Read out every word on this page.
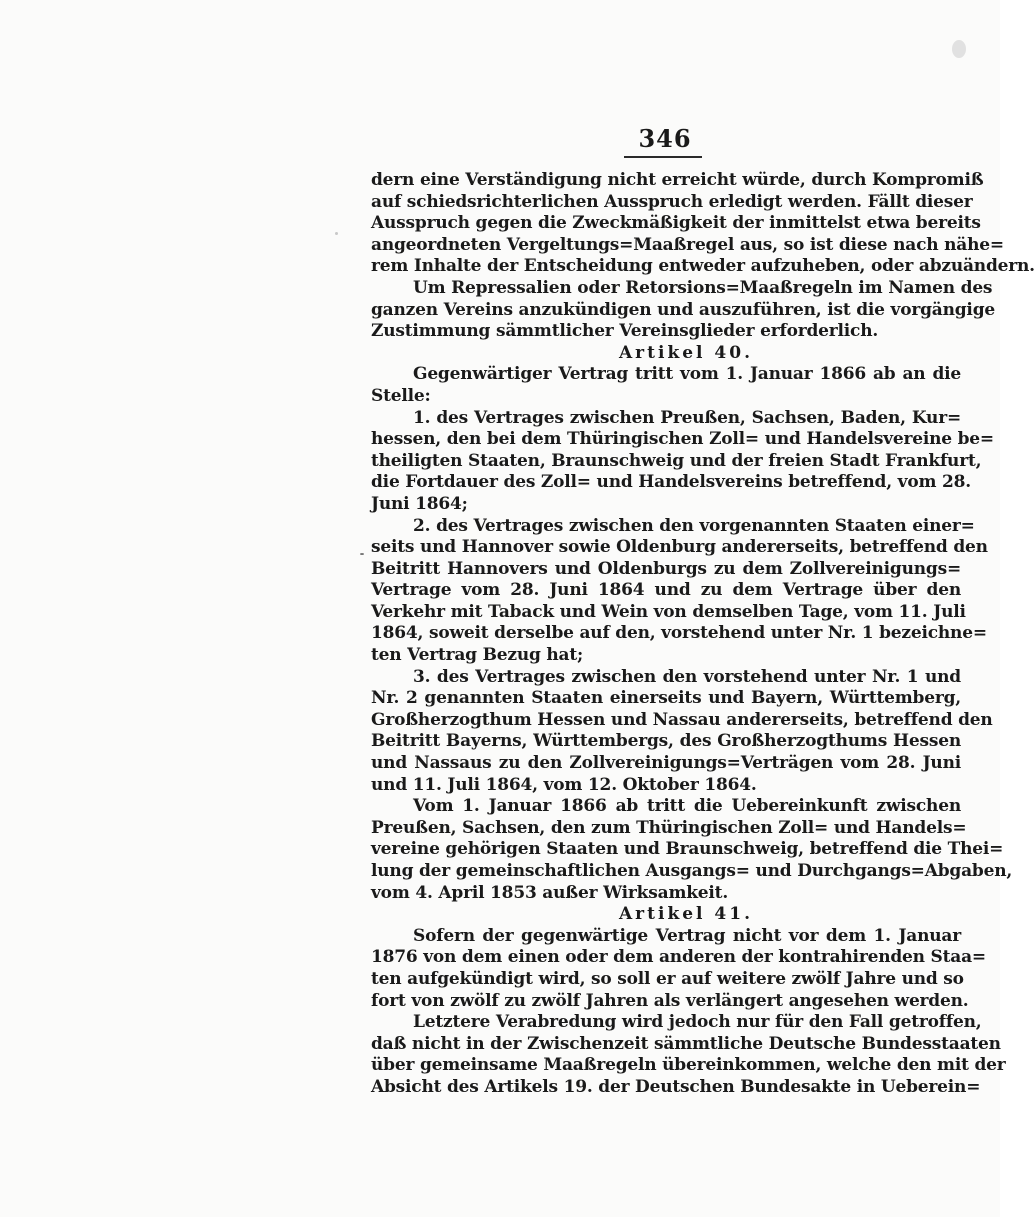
346
dern eine Verständigung nicht erreicht würde, durch Kompromiß
auf schiedsrichterlichen Ausspruch erledigt werden. Fällt dieser
Ausspruch gegen die Zweckmäßigkeit der inmittelst etwa bereits
angeordneten Vergeltungs=Maaßregel aus, so ist diese nach nähe=
rem Inhalte der Entscheidung entweder aufzuheben, oder abzuändern.
Um Repressalien oder Retorsions=Maaßregeln im Namen des
ganzen Vereins anzukündigen und auszuführen, ist die vorgängige
Zustimmung sämmtlicher Vereinsglieder erforderlich.
Artikel 40.
Gegenwärtiger Vertrag tritt vom 1. Januar 1866 ab an die
Stelle:
1. des Vertrages zwischen Preußen, Sachsen, Baden, Kur=
hessen, den bei dem Thüringischen Zoll= und Handelsvereine be=
theiligten Staaten, Braunschweig und der freien Stadt Frankfurt,
die Fortdauer des Zoll= und Handelsvereins betreffend, vom 28.
Juni 1864;
2. des Vertrages zwischen den vorgenannten Staaten einer=
seits und Hannover sowie Oldenburg andererseits, betreffend den
Beitritt Hannovers und Oldenburgs zu dem Zollvereinigungs=
Vertrage vom 28. Juni 1864 und zu dem Vertrage über den
Verkehr mit Taback und Wein von demselben Tage, vom 11. Juli
1864, soweit derselbe auf den, vorstehend unter Nr. 1 bezeichne=
ten Vertrag Bezug hat;
3. des Vertrages zwischen den vorstehend unter Nr. 1 und
Nr. 2 genannten Staaten einerseits und Bayern, Württemberg,
Großherzogthum Hessen und Nassau andererseits, betreffend den
Beitritt Bayerns, Württembergs, des Großherzogthums Hessen
und Nassaus zu den Zollvereinigungs=Verträgen vom 28. Juni
und 11. Juli 1864, vom 12. Oktober 1864.
Vom 1. Januar 1866 ab tritt die Uebereinkunft zwischen
Preußen, Sachsen, den zum Thüringischen Zoll= und Handels=
vereine gehörigen Staaten und Braunschweig, betreffend die Thei=
lung der gemeinschaftlichen Ausgangs= und Durchgangs=Abgaben,
vom 4. April 1853 außer Wirksamkeit.
Artikel 41.
Sofern der gegenwärtige Vertrag nicht vor dem 1. Januar
1876 von dem einen oder dem anderen der kontrahirenden Staa=
ten aufgekündigt wird, so soll er auf weitere zwölf Jahre und so
fort von zwölf zu zwölf Jahren als verlängert angesehen werden.
Letztere Verabredung wird jedoch nur für den Fall getroffen,
daß nicht in der Zwischenzeit sämmtliche Deutsche Bundesstaaten
über gemeinsame Maaßregeln übereinkommen, welche den mit der
Absicht des Artikels 19. der Deutschen Bundesakte in Ueberein=
